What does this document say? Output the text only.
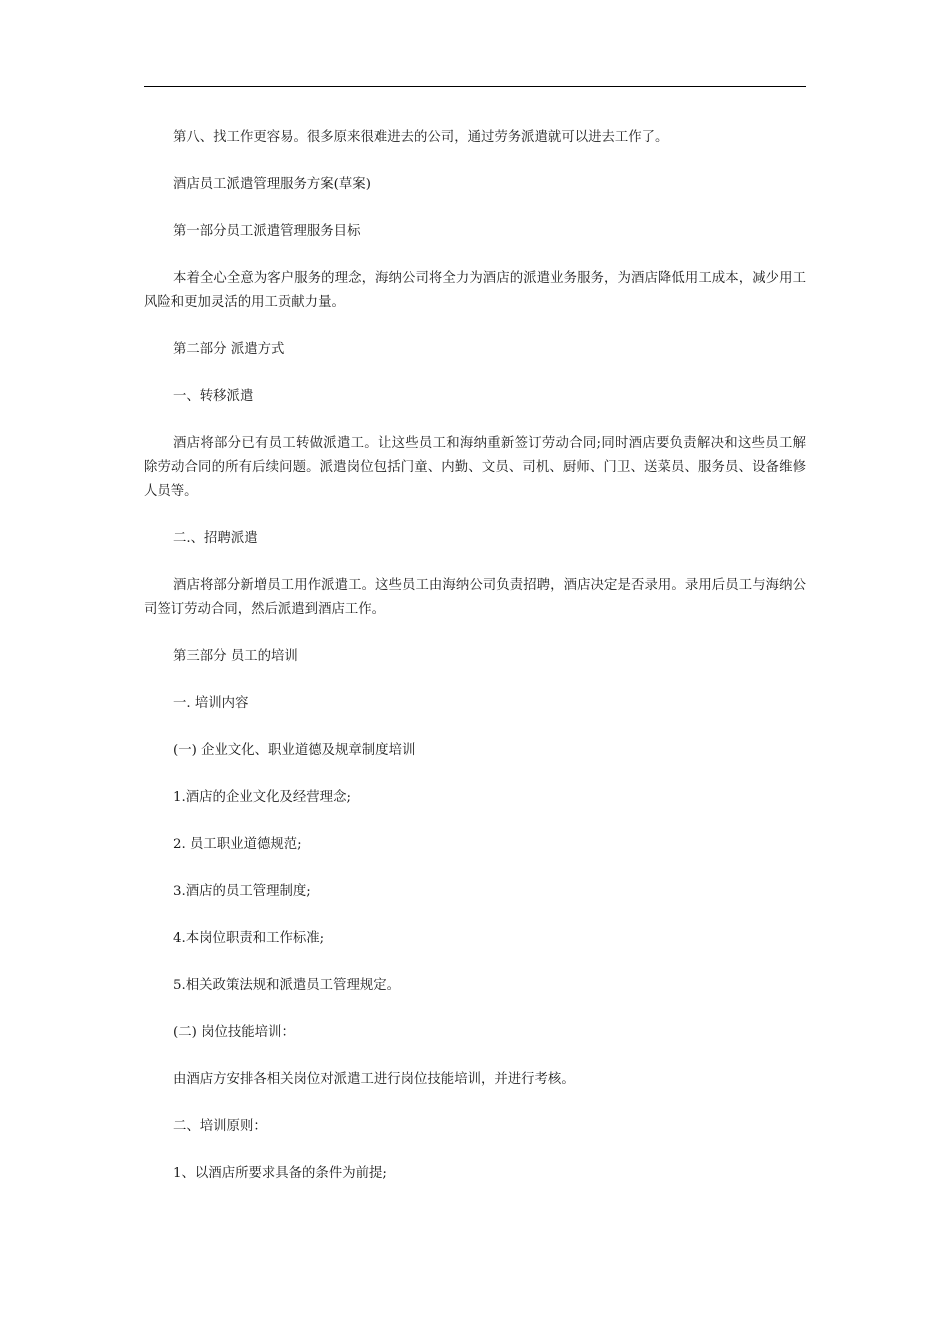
第八、找工作更容易。很多原来很难进去的公司，通过劳务派遣就可以进去工作了。

酒店员工派遣管理服务方案(草案)

第一部分员工派遣管理服务目标

本着全心全意为客户服务的理念，海纳公司将全力为酒店的派遣业务服务，为酒店降低用工成本，减少用工风险和更加灵活的用工贡献力量。

第二部分 派遣方式

一、转移派遣

酒店将部分已有员工转做派遣工。让这些员工和海纳重新签订劳动合同;同时酒店要负责解决和这些员工解除劳动合同的所有后续问题。派遣岗位包括门童、内勤、文员、司机、厨师、门卫、送菜员、服务员、设备维修人员等。

二.、招聘派遣

酒店将部分新增员工用作派遣工。这些员工由海纳公司负责招聘，酒店决定是否录用。录用后员工与海纳公司签订劳动合同，然后派遣到酒店工作。

第三部分 员工的培训

一. 培训内容

(一) 企业文化、职业道德及规章制度培训

1.酒店的企业文化及经营理念;

2. 员工职业道德规范;

3.酒店的员工管理制度;

4.本岗位职责和工作标准;

5.相关政策法规和派遣员工管理规定。

(二) 岗位技能培训：

由酒店方安排各相关岗位对派遣工进行岗位技能培训，并进行考核。

二、培训原则：

1、以酒店所要求具备的条件为前提;
